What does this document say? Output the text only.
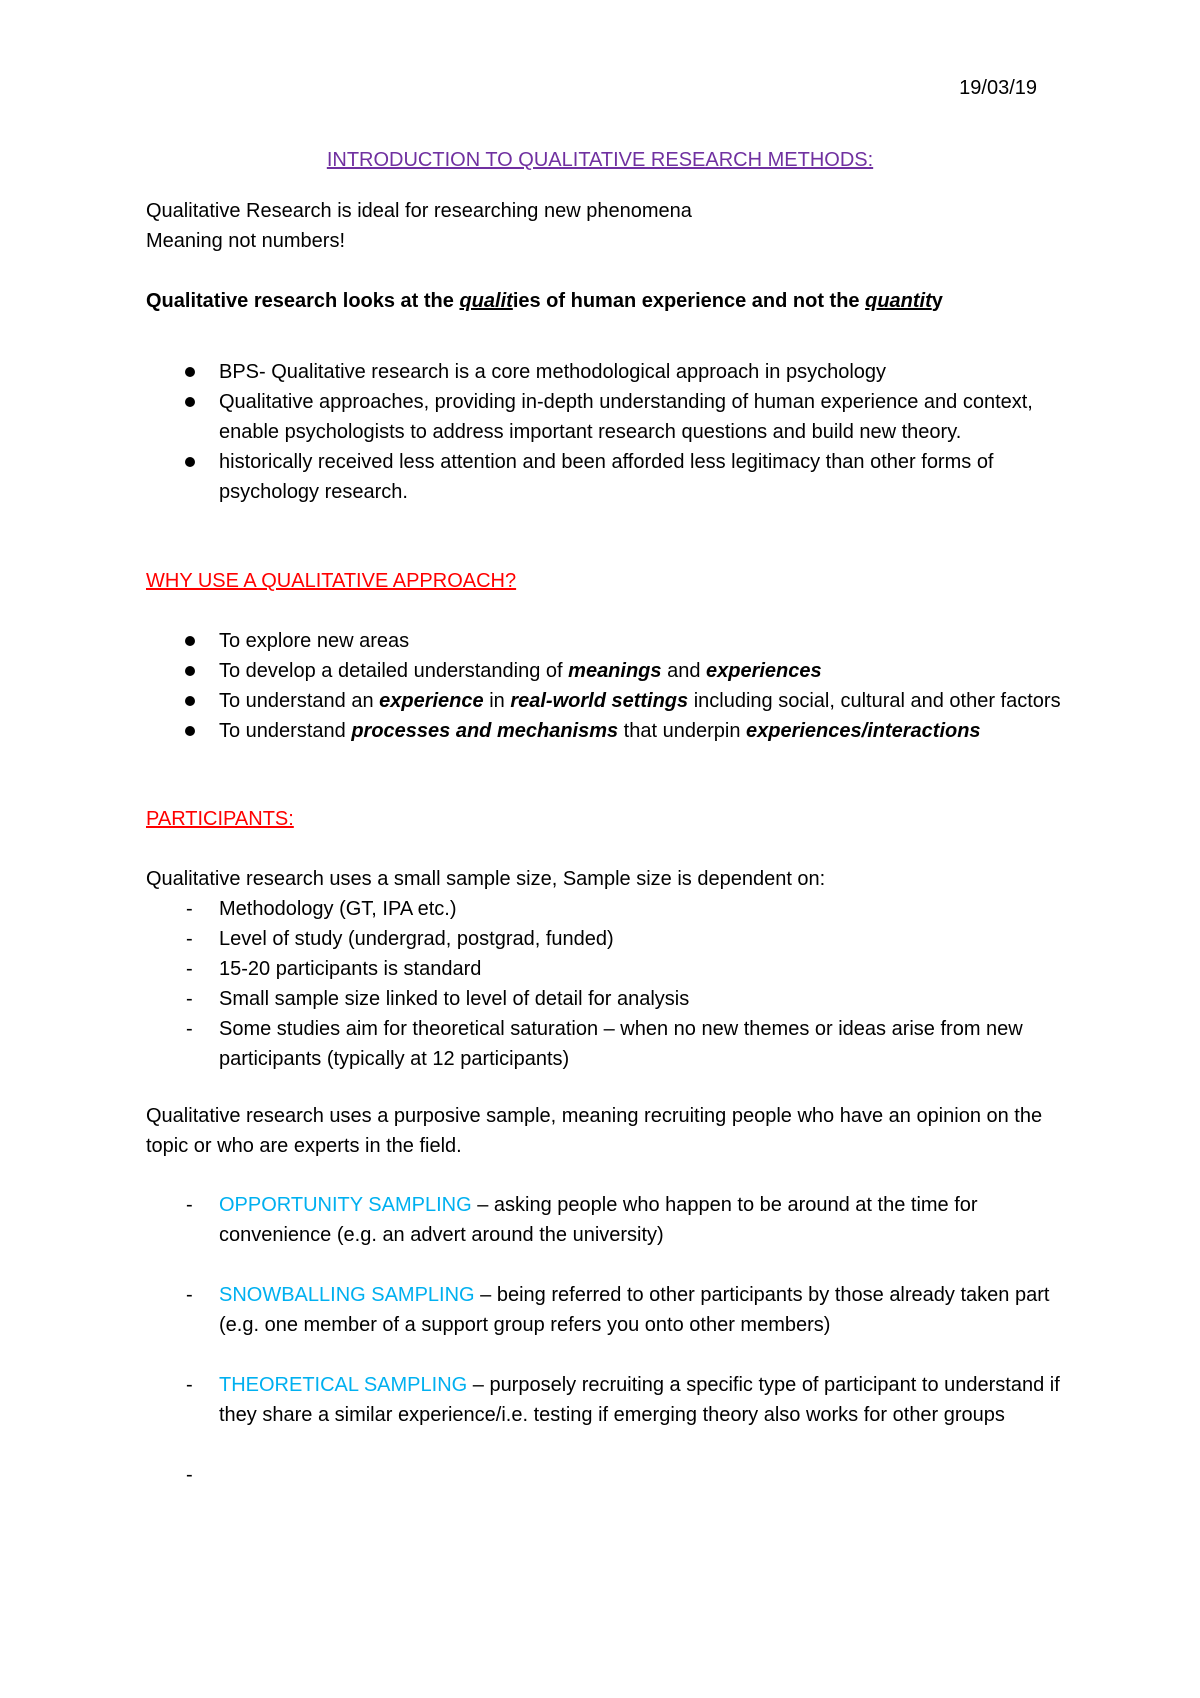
19/03/19

INTRODUCTION TO QUALITATIVE RESEARCH METHODS:

Qualitative Research is ideal for researching new phenomena

Meaning not numbers!

Qualitative research looks at the qualities of human experience and not the quantity

BPS- Qualitative research is a core methodological approach in psychology
Qualitative approaches, providing in-depth understanding of human experience and context, enable psychologists to address important research questions and build new theory.
historically received less attention and been afforded less legitimacy than other forms of psychology research.

WHY USE A QUALITATIVE APPROACH?

To explore new areas
To develop a detailed understanding of meanings and experiences
To understand an experience in real-world settings including social, cultural and other factors
To understand processes and mechanisms that underpin experiences/interactions

PARTICIPANTS:

Qualitative research uses a small sample size, Sample size is dependent on:

- Methodology (GT, IPA etc.)
- Level of study (undergrad, postgrad, funded)
- 15-20 participants is standard
- Small sample size linked to level of detail for analysis
- Some studies aim for theoretical saturation – when no new themes or ideas arise from new participants (typically at 12 participants)

Qualitative research uses a purposive sample, meaning recruiting people who have an opinion on the topic or who are experts in the field.

- OPPORTUNITY SAMPLING – asking people who happen to be around at the time for convenience (e.g. an advert around the university)
- SNOWBALLING SAMPLING – being referred to other participants by those already taken part (e.g. one member of a support group refers you onto other members)
- THEORETICAL SAMPLING – purposely recruiting a specific type of participant to understand if they share a similar experience/i.e. testing if emerging theory also works for other groups
-
